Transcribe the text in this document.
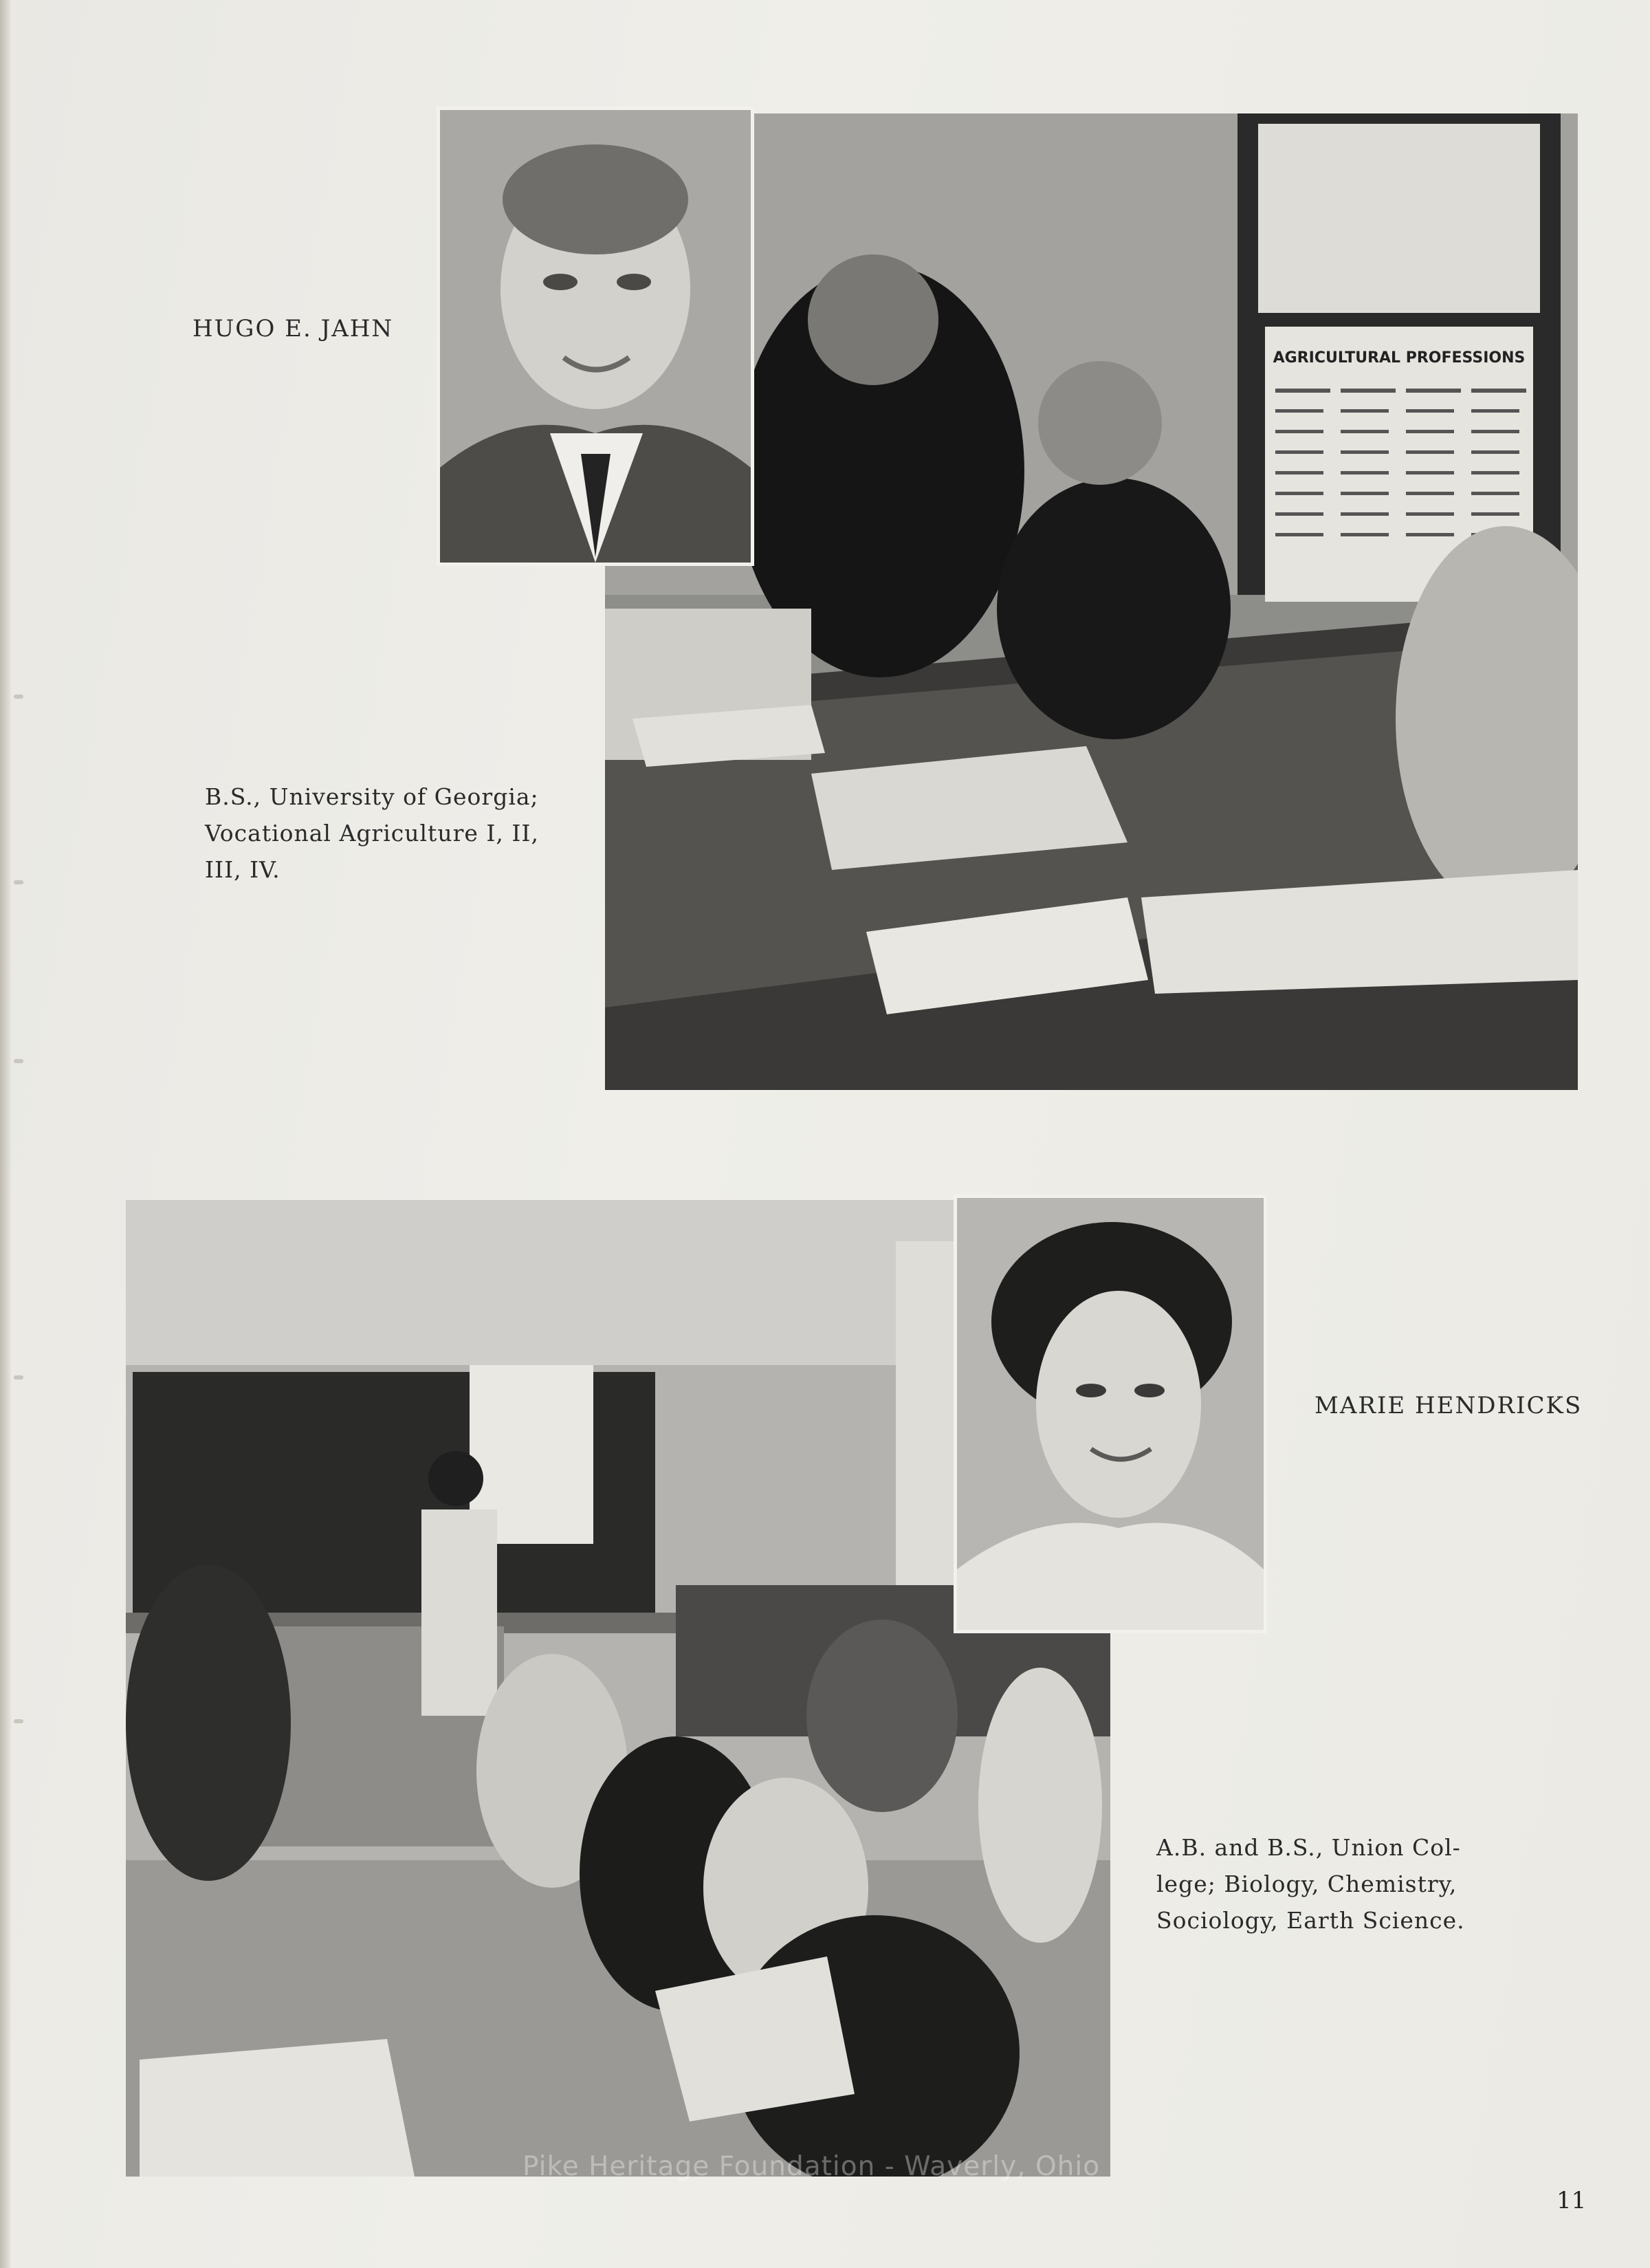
AGRICULTURAL PROFESSIONS
HUGO E. JAHN
B.S., University of Georgia;
Vocational Agriculture I, II,
III, IV.
MARIE HENDRICKS
A.B. and B.S., Union Col-
lege; Biology, Chemistry,
Sociology, Earth Science.
Pike Heritage Foundation - Waverly, Ohio
11
